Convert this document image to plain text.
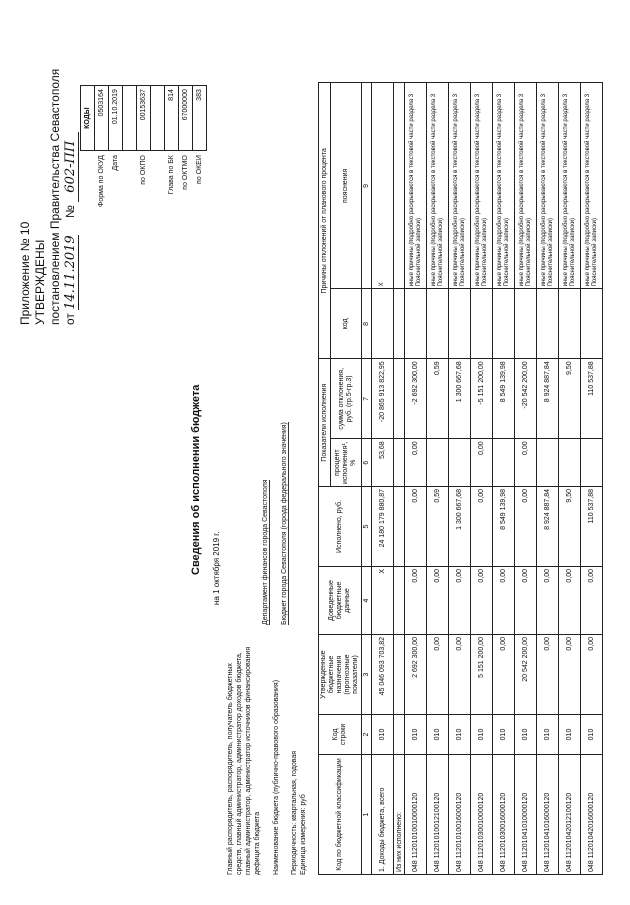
Приложение № 10 УТВЕРЖДЕНЫ постановлением Правительства Севастополя от 14.11.2019 № 602-ПП
	КОДЫ
Форма по ОКУД	0503164
Дата	01.10.2019

по ОКПО	00153637

Глава по БК	814
по ОКТМО	67000000
по ОКЕИ	383
Сведения об исполнении бюджета на 1 октября 2019 г.
Главный распорядитель, распорядитель, получатель бюджетных средств, главный администратор, администратор доходов бюджета, главный администратор, администратор источников финансирования дефицита бюджета
Департамент финансов города Севастополя
Наименование бюджета (публично-правового образования)
Бюджет города Севастополя (города федерального значения)
Периодичность: квартальная, годовая Единица измерения: руб	Код по бюджетной классификации	Код строки	Утвержденные бюджетные назначения (прогнозные показатели)	Доведенные бюджетные данные	Исполнено, руб.	Показатели исполнения		Причины отклонений от планового процента	
					процент исполнения¹, %	сумма отклонения, руб. (гр.5-гр.3)	код	пояснения
1	2	3	4	5	6	7	8	9
1. Доходы бюджета, всего	010	45 046 093 703,82	X	24 180 179 880,87	53,68	-20 865 913 822,95		X
Из них исполнено:								
048 11201010010000120	010	2 692 300,00	0,00	0,00	0,00	-2 692 300,00		иные причины (подробно раскрываются в текстовой части раздела 3 Пояснительной записки)
048 11201010012100120	010	0,00	0,00	0,59		0,59		иные причины (подробно раскрываются в текстовой части раздела 3 Пояснительной записки)
048 11201010016000120	010	0,00	0,00	1 300 667,68		1 300 667,68		иные причины (подробно раскрываются в текстовой части раздела 3 Пояснительной записки)
048 11201030010000120	010	5 151 200,00	0,00	0,00	0,00	-5 151 200,00		иные причины (подробно раскрываются в текстовой части раздела 3 Пояснительной записки)
048 11201030016000120	010	0,00	0,00	8 549 139,98		8 549 139,98		иные причины (подробно раскрываются в текстовой части раздела 3 Пояснительной записки)
048 11201041010000120	010	20 542 200,00	0,00	0,00	0,00	-20 542 200,00		иные причины (подробно раскрываются в текстовой части раздела 3 Пояснительной записки)
048 11201041016000120	010	0,00	0,00	8 924 887,84		8 924 887,84		иные причины (подробно раскрываются в текстовой части раздела 3 Пояснительной записки)
048 11201042012100120	010	0,00	0,00	9,50		9,50		иные причины (подробно раскрываются в текстовой части раздела 3 Пояснительной записки)
048 11201042016000120	010	0,00	0,00	110 537,88		110 537,88		иные причины (подробно раскрываются в текстовой части раздела 3 Пояснительной записки)
